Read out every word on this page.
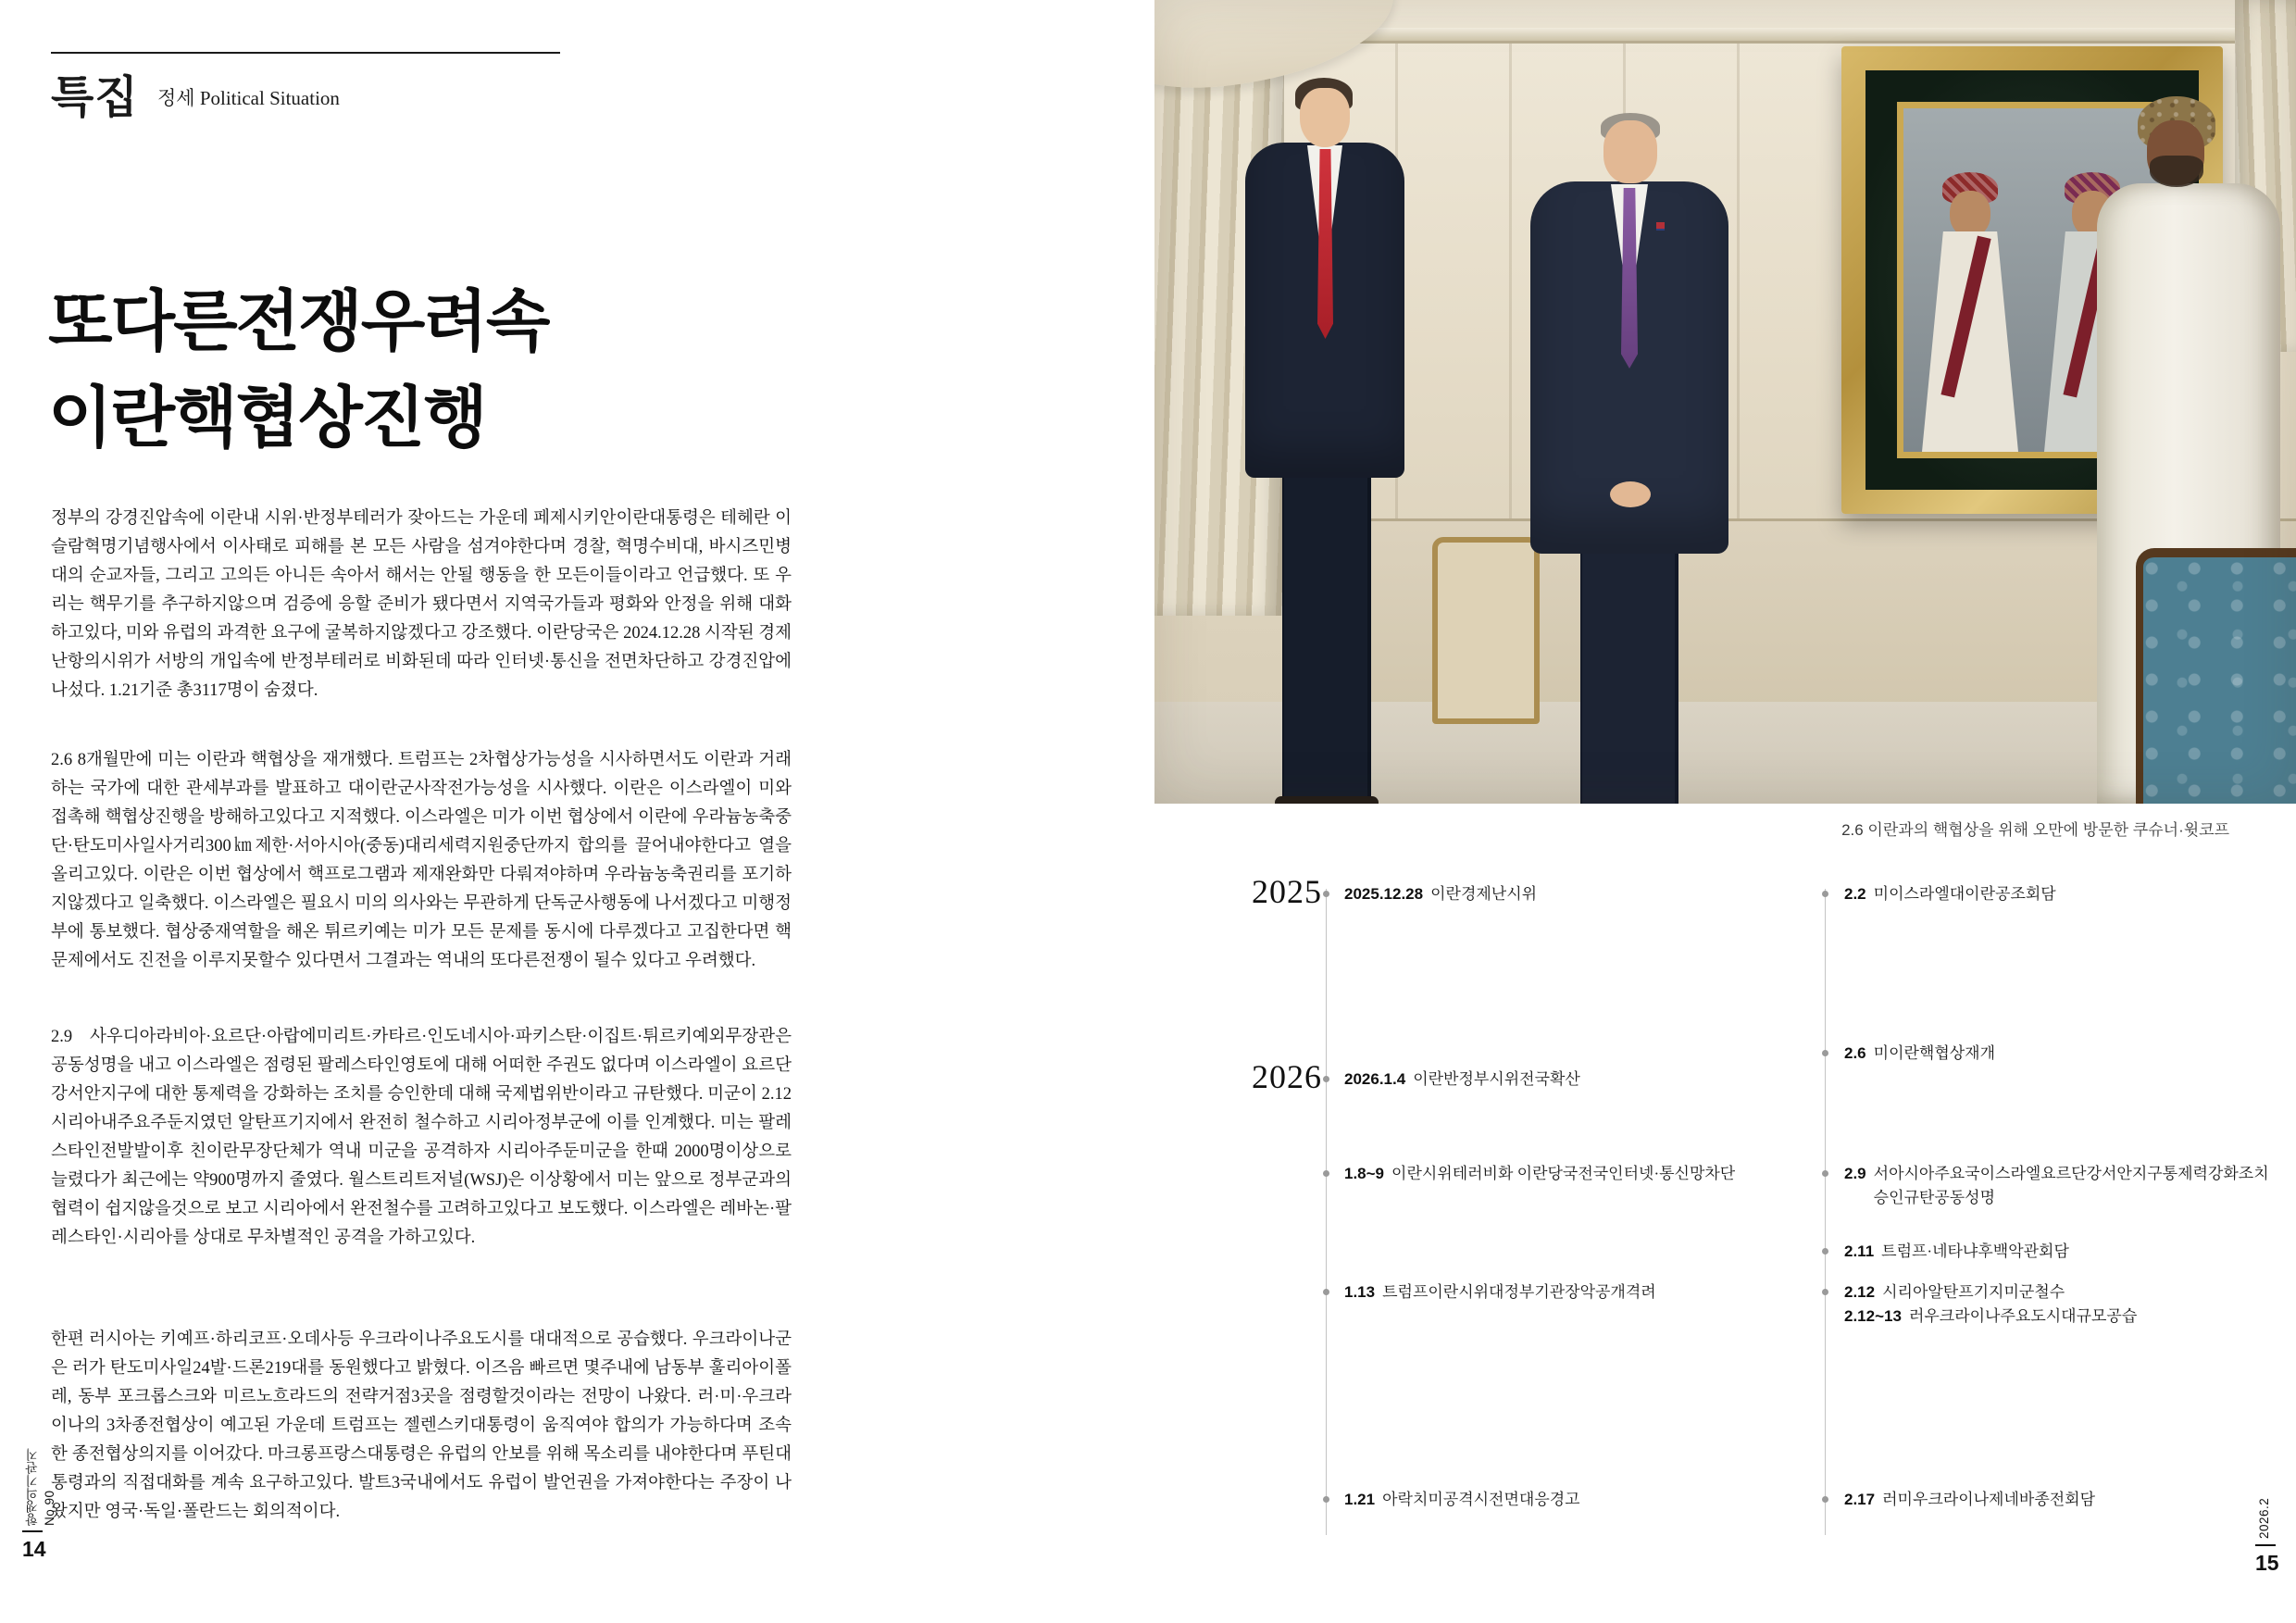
특집 정세 Political Situation
또다른전쟁우려속
이란핵협상진행

정부의 강경진압속에 이란내 시위·반정부테러가 잦아드는 가운데 페제시키안이란대통령은 테헤란 이슬람혁명기념행사에서 이사태로 피해를 본 모든 사람을 섬겨야한다며 경찰, 혁명수비대, 바시즈민병대의 순교자들, 그리고 고의든 아니든 속아서 해서는 안될 행동을 한 모든이들이라고 언급했다. 또 우리는 핵무기를 추구하지않으며 검증에 응할 준비가 됐다면서 지역국가들과 평화와 안정을 위해 대화하고있다, 미와 유럽의 과격한 요구에 굴복하지않겠다고 강조했다. 이란당국은 2024.12.28 시작된 경제난항의시위가 서방의 개입속에 반정부테러로 비화된데 따라 인터넷·통신을 전면차단하고 강경진압에 나섰다. 1.21기준 총3117명이 숨졌다.

2.6 8개월만에 미는 이란과 핵협상을 재개했다. 트럼프는 2차협상가능성을 시사하면서도 이란과 거래하는 국가에 대한 관세부과를 발표하고 대이란군사작전가능성을 시사했다. 이란은 이스라엘이 미와 접촉해 핵협상진행을 방해하고있다고 지적했다. 이스라엘은 미가 이번 협상에서 이란에 우라늄농축중단·탄도미사일사거리300㎞제한·서아시아(중동)대리세력지원중단까지 합의를 끌어내야한다고 열을 올리고있다. 이란은 이번 협상에서 핵프로그램과 제재완화만 다뤄져야하며 우라늄농축권리를 포기하지않겠다고 일축했다. 이스라엘은 필요시 미의 의사와는 무관하게 단독군사행동에 나서겠다고 미행정부에 통보했다. 협상중재역할을 해온 튀르키예는 미가 모든 문제를 동시에 다루겠다고 고집한다면 핵문제에서도 진전을 이루지못할수 있다면서 그결과는 역내의 또다른전쟁이 될수 있다고 우려했다.

2.9 사우디아라비아·요르단·아랍에미리트·카타르·인도네시아·파키스탄·이집트·튀르키예외무장관은 공동성명을 내고 이스라엘은 점령된 팔레스타인영토에 대해 어떠한 주권도 없다며 이스라엘이 요르단강서안지구에 대한 통제력을 강화하는 조치를 승인한데 대해 국제법위반이라고 규탄했다. 미군이 2.12 시리아내주요주둔지였던 알탄프기지에서 완전히 철수하고 시리아정부군에 이를 인계했다. 미는 팔레스타인전발발이후 친이란무장단체가 역내 미군을 공격하자 시리아주둔미군을 한때 2000명이상으로 늘렸다가 최근에는 약900명까지 줄였다. 월스트리트저널(WSJ)은 이상황에서 미는 앞으로 정부군과의 협력이 쉽지않을것으로 보고 시리아에서 완전철수를 고려하고있다고 보도했다. 이스라엘은 레바논·팔레스타인·시리아를 상대로 무차별적인 공격을 가하고있다.

한편 러시아는 키예프·하리코프·오데사등 우크라이나주요도시를 대대적으로 공습했다. 우크라이나군은 러가 탄도미사일24발·드론219대를 동원했다고 밝혔다. 이즈음 빠르면 몇주내에 남동부 훌리아이폴레, 동부 포크롭스크와 미르노흐라드의 전략거점3곳을 점령할것이라는 전망이 나왔다. 러·미·우크라이나의 3차종전협상이 예고된 가운데 트럼프는 젤렌스키대통령이 움직여야 합의가 가능하다며 조속한 종전협상의지를 이어갔다. 마크롱프랑스대통령은 유럽의 안보를 위해 목소리를 내야한다며 푸틴대통령과의 직접대화를 계속 요구하고있다. 발트3국내에서도 유럽이 발언권을 가져야한다는 주장이 나왔지만 영국·독일·폴란드는 회의적이다.

항쟁의기관지 No.90
14
2.6 이란과의 핵협상을 위해 오만에 방문한 쿠슈너·윗코프
2025
2026
2025.12.28 이란경제난시위
2026.1.4 이란반정부시위전국확산
1.8~9 이란시위테러비화 이란당국전국인터넷·통신망차단
1.13 트럼프이란시위대정부기관장악공개격려
1.21 아락치미공격시전면대응경고
2.2 미이스라엘대이란공조회담
2.6 미이란핵협상재개
2.9 서아시아주요국이스라엘요르단강서안지구통제력강화조치 승인규탄공동성명
2.11 트럼프·네타냐후백악관회담
2.12 시리아알탄프기지미군철수
2.12~13 러우크라이나주요도시대규모공습
2.17 러미우크라이나제네바종전회담	2026.2
15
